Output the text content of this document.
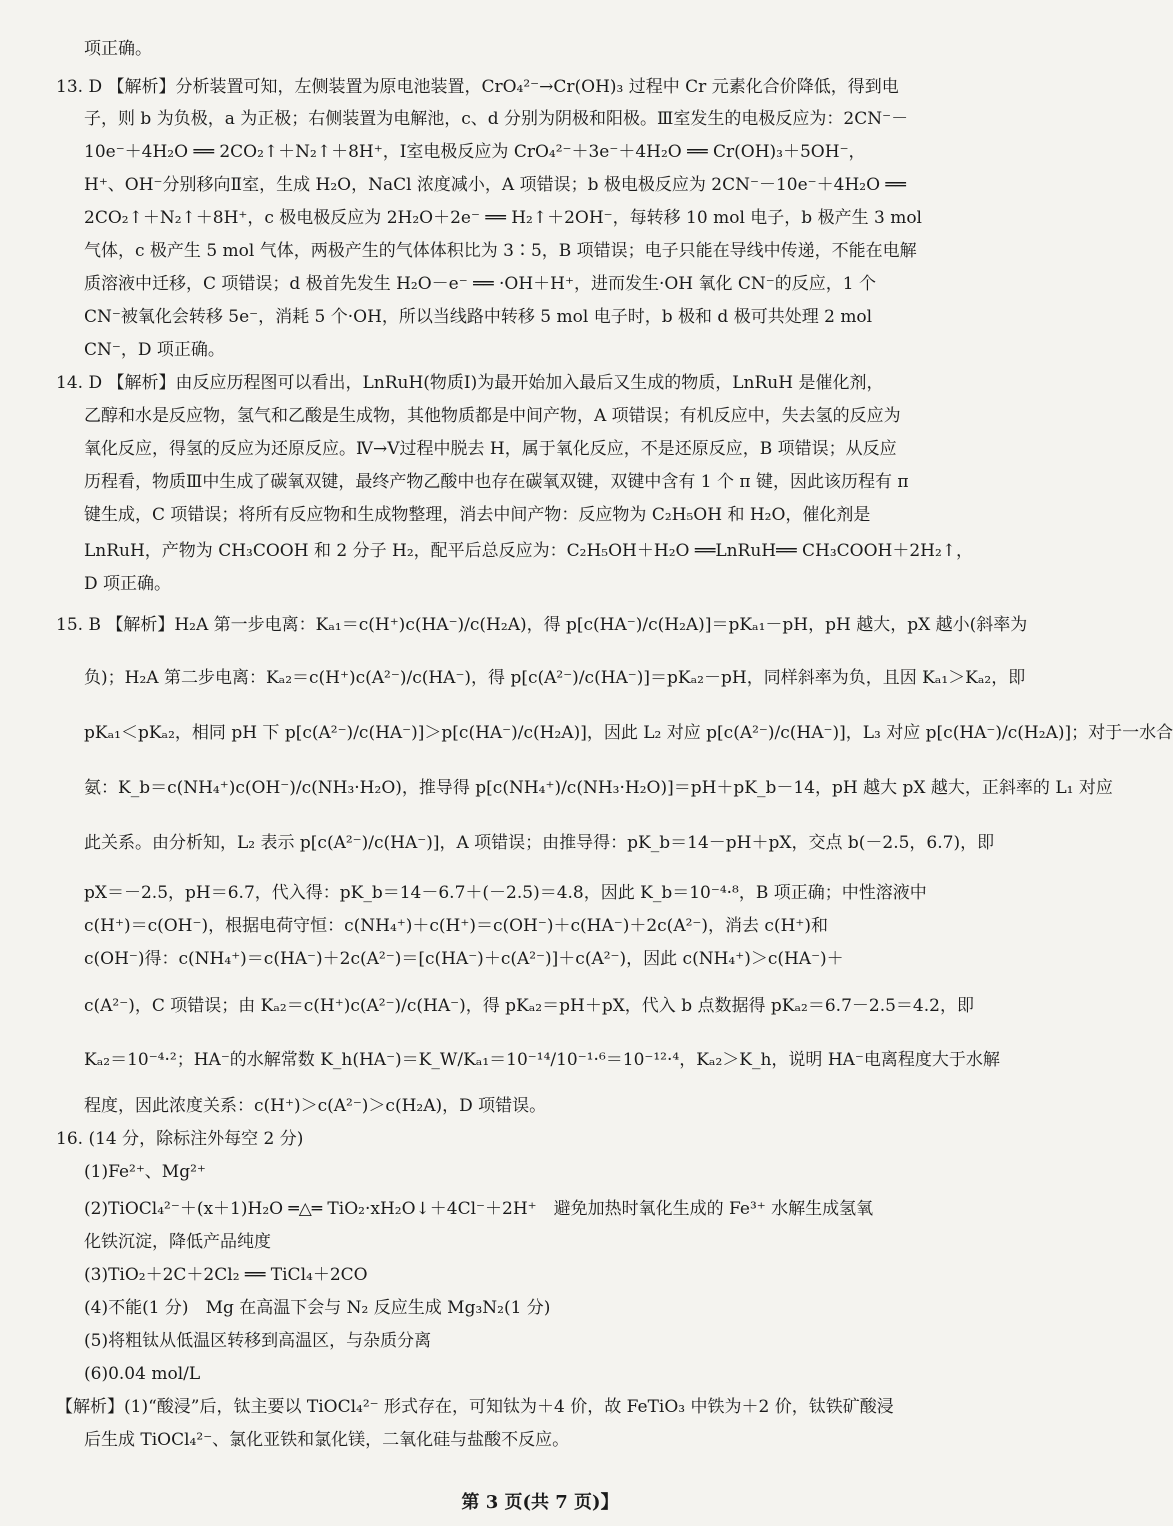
项正确。
13. D 【解析】分析装置可知，左侧装置为原电池装置，CrO₄²⁻→Cr(OH)₃ 过程中 Cr 元素化合价降低，得到电
子，则 b 为负极，a 为正极；右侧装置为电解池，c、d 分别为阴极和阳极。Ⅲ室发生的电极反应为：2CN⁻－
10e⁻＋4H₂O ══ 2CO₂↑＋N₂↑＋8H⁺，Ⅰ室电极反应为 CrO₄²⁻＋3e⁻＋4H₂O ══ Cr(OH)₃＋5OH⁻，
H⁺、OH⁻分别移向Ⅱ室，生成 H₂O，NaCl 浓度减小，A 项错误；b 极电极反应为 2CN⁻－10e⁻＋4H₂O ══
2CO₂↑＋N₂↑＋8H⁺，c 极电极反应为 2H₂O＋2e⁻ ══ H₂↑＋2OH⁻，每转移 10 mol 电子，b 极产生 3 mol
气体，c 极产生 5 mol 气体，两极产生的气体体积比为 3∶5，B 项错误；电子只能在导线中传递，不能在电解
质溶液中迁移，C 项错误；d 极首先发生 H₂O－e⁻ ══ ·OH＋H⁺，进而发生·OH 氧化 CN⁻的反应，1 个
CN⁻被氧化会转移 5e⁻，消耗 5 个·OH，所以当线路中转移 5 mol 电子时，b 极和 d 极可共处理 2 mol
CN⁻，D 项正确。
14. D 【解析】由反应历程图可以看出，LnRuH(物质Ⅰ)为最开始加入最后又生成的物质，LnRuH 是催化剂，
乙醇和水是反应物，氢气和乙酸是生成物，其他物质都是中间产物，A 项错误；有机反应中，失去氢的反应为
氧化反应，得氢的反应为还原反应。Ⅳ→Ⅴ过程中脱去 H，属于氧化反应，不是还原反应，B 项错误；从反应
历程看，物质Ⅲ中生成了碳氧双键，最终产物乙酸中也存在碳氧双键，双键中含有 1 个 π 键，因此该历程有 π
键生成，C 项错误；将所有反应物和生成物整理，消去中间产物：反应物为 C₂H₅OH 和 H₂O，催化剂是
LnRuH，产物为 CH₃COOH 和 2 分子 H₂，配平后总反应为：C₂H₅OH＋H₂O ══LnRuH══ CH₃COOH＋2H₂↑，
D 项正确。
15. B 【解析】H₂A 第一步电离：Kₐ₁＝c(H⁺)c(HA⁻)/c(H₂A)，得 p[c(HA⁻)/c(H₂A)]＝pKₐ₁－pH，pH 越大，pX 越小(斜率为
负)；H₂A 第二步电离：Kₐ₂＝c(H⁺)c(A²⁻)/c(HA⁻)，得 p[c(A²⁻)/c(HA⁻)]＝pKₐ₂－pH，同样斜率为负，且因 Kₐ₁＞Kₐ₂，即
pKₐ₁＜pKₐ₂，相同 pH 下 p[c(A²⁻)/c(HA⁻)]＞p[c(HA⁻)/c(H₂A)]，因此 L₂ 对应 p[c(A²⁻)/c(HA⁻)]，L₃ 对应 p[c(HA⁻)/c(H₂A)]；对于一水合
氨：K_b＝c(NH₄⁺)c(OH⁻)/c(NH₃·H₂O)，推导得 p[c(NH₄⁺)/c(NH₃·H₂O)]＝pH＋pK_b－14，pH 越大 pX 越大，正斜率的 L₁ 对应
此关系。由分析知，L₂ 表示 p[c(A²⁻)/c(HA⁻)]，A 项错误；由推导得：pK_b＝14－pH＋pX，交点 b(－2.5，6.7)，即
pX＝－2.5，pH＝6.7，代入得：pK_b＝14－6.7＋(－2.5)＝4.8，因此 K_b＝10⁻⁴·⁸，B 项正确；中性溶液中
c(H⁺)＝c(OH⁻)，根据电荷守恒：c(NH₄⁺)＋c(H⁺)＝c(OH⁻)＋c(HA⁻)＋2c(A²⁻)，消去 c(H⁺)和
c(OH⁻)得：c(NH₄⁺)＝c(HA⁻)＋2c(A²⁻)＝[c(HA⁻)＋c(A²⁻)]＋c(A²⁻)，因此 c(NH₄⁺)＞c(HA⁻)＋
c(A²⁻)，C 项错误；由 Kₐ₂＝c(H⁺)c(A²⁻)/c(HA⁻)，得 pKₐ₂＝pH＋pX，代入 b 点数据得 pKₐ₂＝6.7－2.5＝4.2，即
Kₐ₂＝10⁻⁴·²；HA⁻的水解常数 K_h(HA⁻)＝K_W/Kₐ₁＝10⁻¹⁴/10⁻¹·⁶＝10⁻¹²·⁴，Kₐ₂＞K_h，说明 HA⁻电离程度大于水解
程度，因此浓度关系：c(H⁺)＞c(A²⁻)＞c(H₂A)，D 项错误。
16. (14 分，除标注外每空 2 分)
(1)Fe²⁺、Mg²⁺
(2)TiOCl₄²⁻＋(x＋1)H₂O ═△═ TiO₂·xH₂O↓＋4Cl⁻＋2H⁺　避免加热时氧化生成的 Fe³⁺ 水解生成氢氧
化铁沉淀，降低产品纯度
(3)TiO₂＋2C＋2Cl₂ ══ TiCl₄＋2CO
(4)不能(1 分)　Mg 在高温下会与 N₂ 反应生成 Mg₃N₂(1 分)
(5)将粗钛从低温区转移到高温区，与杂质分离
(6)0.04 mol/L
【解析】(1)“酸浸”后，钛主要以 TiOCl₄²⁻ 形式存在，可知钛为＋4 价，故 FeTiO₃ 中铁为＋2 价，钛铁矿酸浸
后生成 TiOCl₄²⁻、氯化亚铁和氯化镁，二氧化硅与盐酸不反应。
第 3 页(共 7 页)】
